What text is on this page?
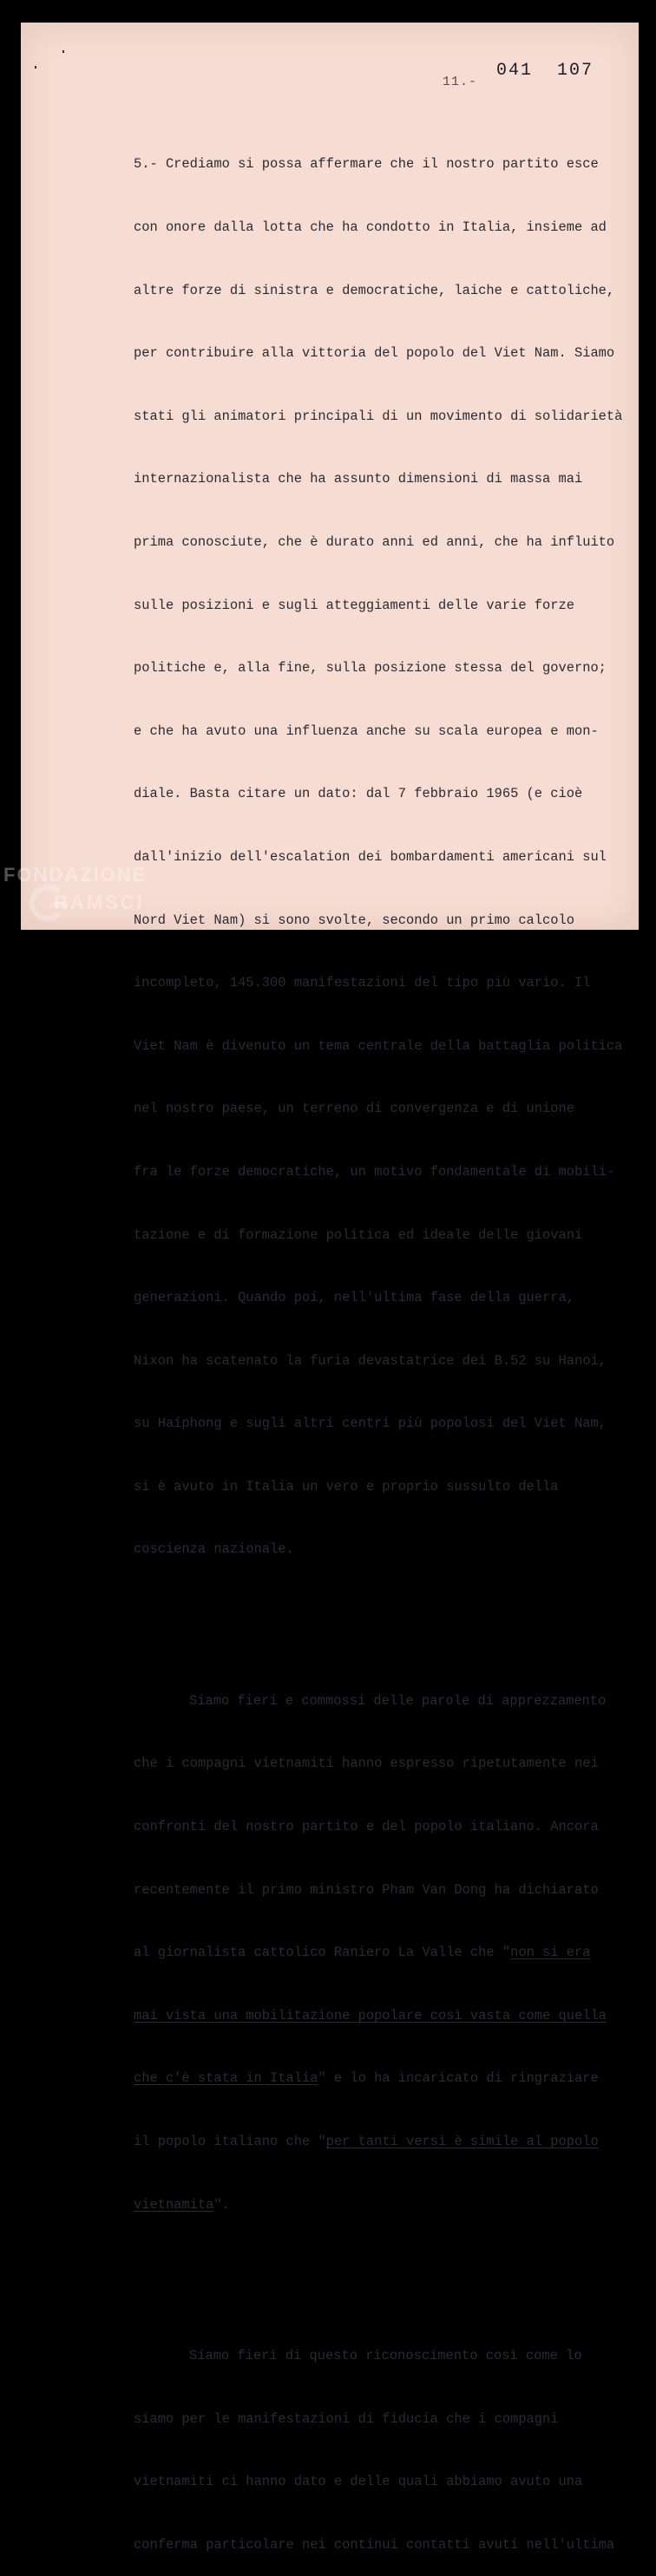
11.-
041 107

5.- Crediamo si possa affermare che il nostro partito esce

con onore dalla lotta che ha condotto in Italia, insieme ad

altre forze di sinistra e democratiche, laiche e cattoliche,

per contribuire alla vittoria del popolo del Viet Nam. Siamo

stati gli animatori principali di un movimento di solidarietà

internazionalista che ha assunto dimensioni di massa mai

prima conosciute, che è durato anni ed anni, che ha influito

sulle posizioni e sugli atteggiamenti delle varie forze

politiche e, alla fine, sulla posizione stessa del governo;

e che ha avuto una influenza anche su scala europea e mon-

diale. Basta citare un dato: dal 7 febbraio 1965 (e cioè

dall'inizio dell'escalation dei bombardamenti americani sul

Nord Viet Nam) si sono svolte, secondo un primo calcolo

incompleto, 145.300 manifestazioni del tipo più vario. Il

Viet Nam è divenuto un tema centrale della battaglia politica

nel nostro paese, un terreno di convergenza e di unione

fra le forze democratiche, un motivo fondamentale di mobili-

tazione e di formazione politica ed ideale delle giovani

generazioni. Quando poi, nell'ultima fase della guerra,

Nixon ha scatenato la furia devastatrice dei B.52 su Hanoi,

su Haiphong e sugli altri centri più popolosi del Viet Nam,

si è avuto in Italia un vero e proprio sussulto della

coscienza nazionale.

Siamo fieri e commossi delle parole di apprezzamento

che i compagni vietnamiti hanno espresso ripetutamente nei

confronti del nostro partito e del popolo italiano. Ancora

recentemente il primo ministro Pham Van Dong ha dichiarato

al giornalista cattolico Raniero La Valle che "non si era

mai vista una mobilitazione popolare così vasta come quella

che c'è stata in Italia" e lo ha incaricato di ringraziare

il popolo italiano che "per tanti versi è simile al popolo

vietnamita".

Siamo fieri di questo riconoscimento così come lo

siamo per le manifestazioni di fiducia che i compagni

vietnamiti ci hanno dato e delle quali abbiamo avuto una

conferma particolare nei continui contatti avuti nell'ultima

FONDAZIONE
RAMSCI
